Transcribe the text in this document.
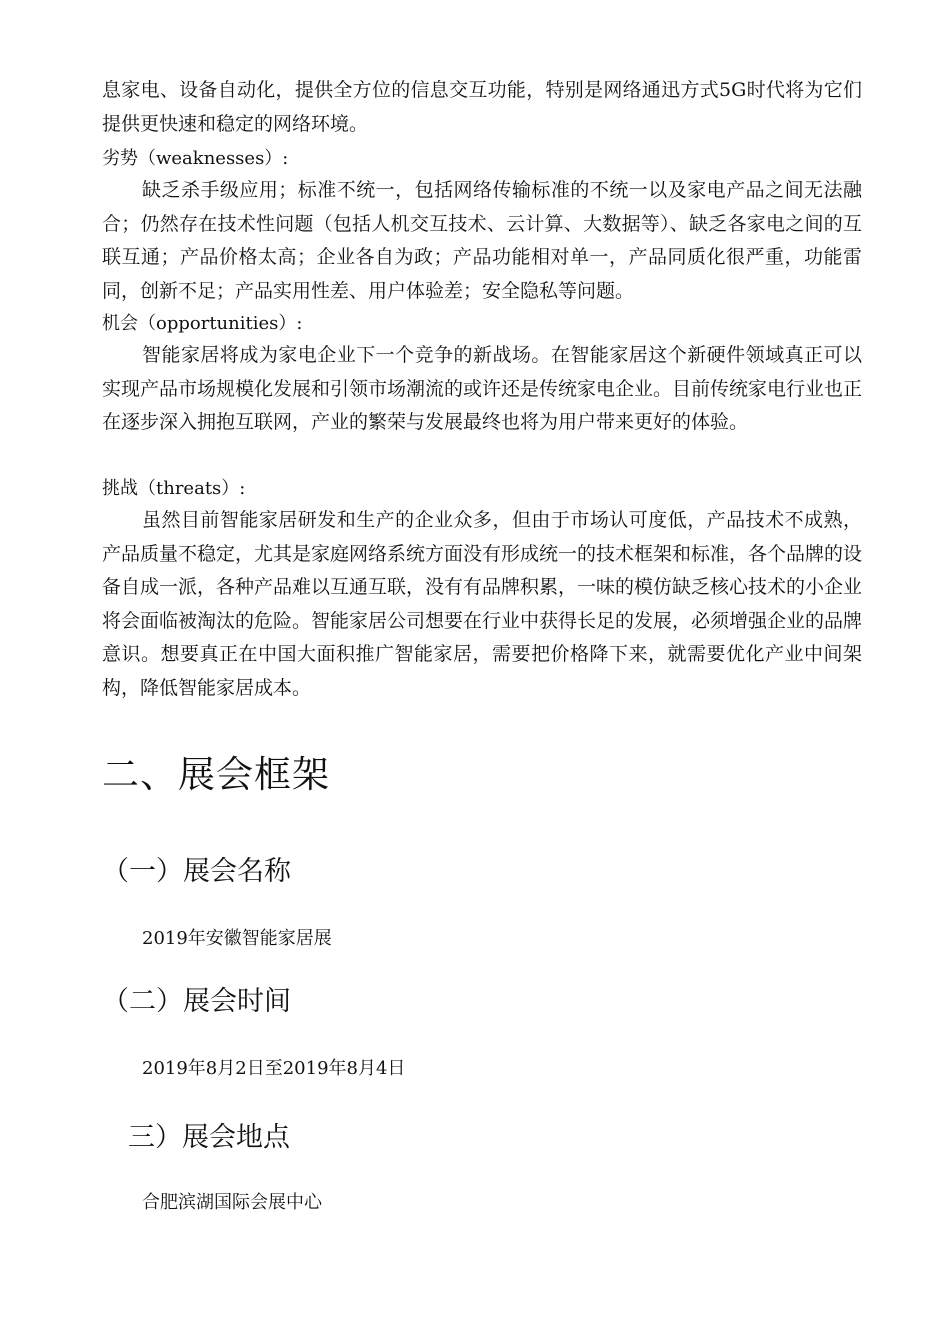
息家电、设备自动化，提供全方位的信息交互功能，特别是网络通迅方式5G时代将为它们提供更快速和稳定的网络环境。
劣势（weaknesses）:
缺乏杀手级应用；标准不统一，包括网络传输标准的不统一以及家电产品之间无法融合；仍然存在技术性问题（包括人机交互技术、云计算、大数据等）、缺乏各家电之间的互联互通；产品价格太高；企业各自为政；产品功能相对单一，产品同质化很严重，功能雷同，创新不足；产品实用性差、用户体验差；安全隐私等问题。
机会（opportunities）:
智能家居将成为家电企业下一个竞争的新战场。在智能家居这个新硬件领域真正可以实现产品市场规模化发展和引领市场潮流的或许还是传统家电企业。目前传统家电行业也正在逐步深入拥抱互联网，产业的繁荣与发展最终也将为用户带来更好的体验。
挑战（threats）:
虽然目前智能家居研发和生产的企业众多，但由于市场认可度低，产品技术不成熟，产品质量不稳定，尤其是家庭网络系统方面没有形成统一的技术框架和标准，各个品牌的设备自成一派，各种产品难以互通互联，没有有品牌积累，一味的模仿缺乏核心技术的小企业将会面临被淘汰的危险。智能家居公司想要在行业中获得长足的发展，必须增强企业的品牌意识。想要真正在中国大面积推广智能家居，需要把价格降下来，就需要优化产业中间架构，降低智能家居成本。
二、展会框架
（一）展会名称
2019年安徽智能家居展
（二）展会时间
2019年8月2日至2019年8月4日
三）展会地点
合肥滨湖国际会展中心
